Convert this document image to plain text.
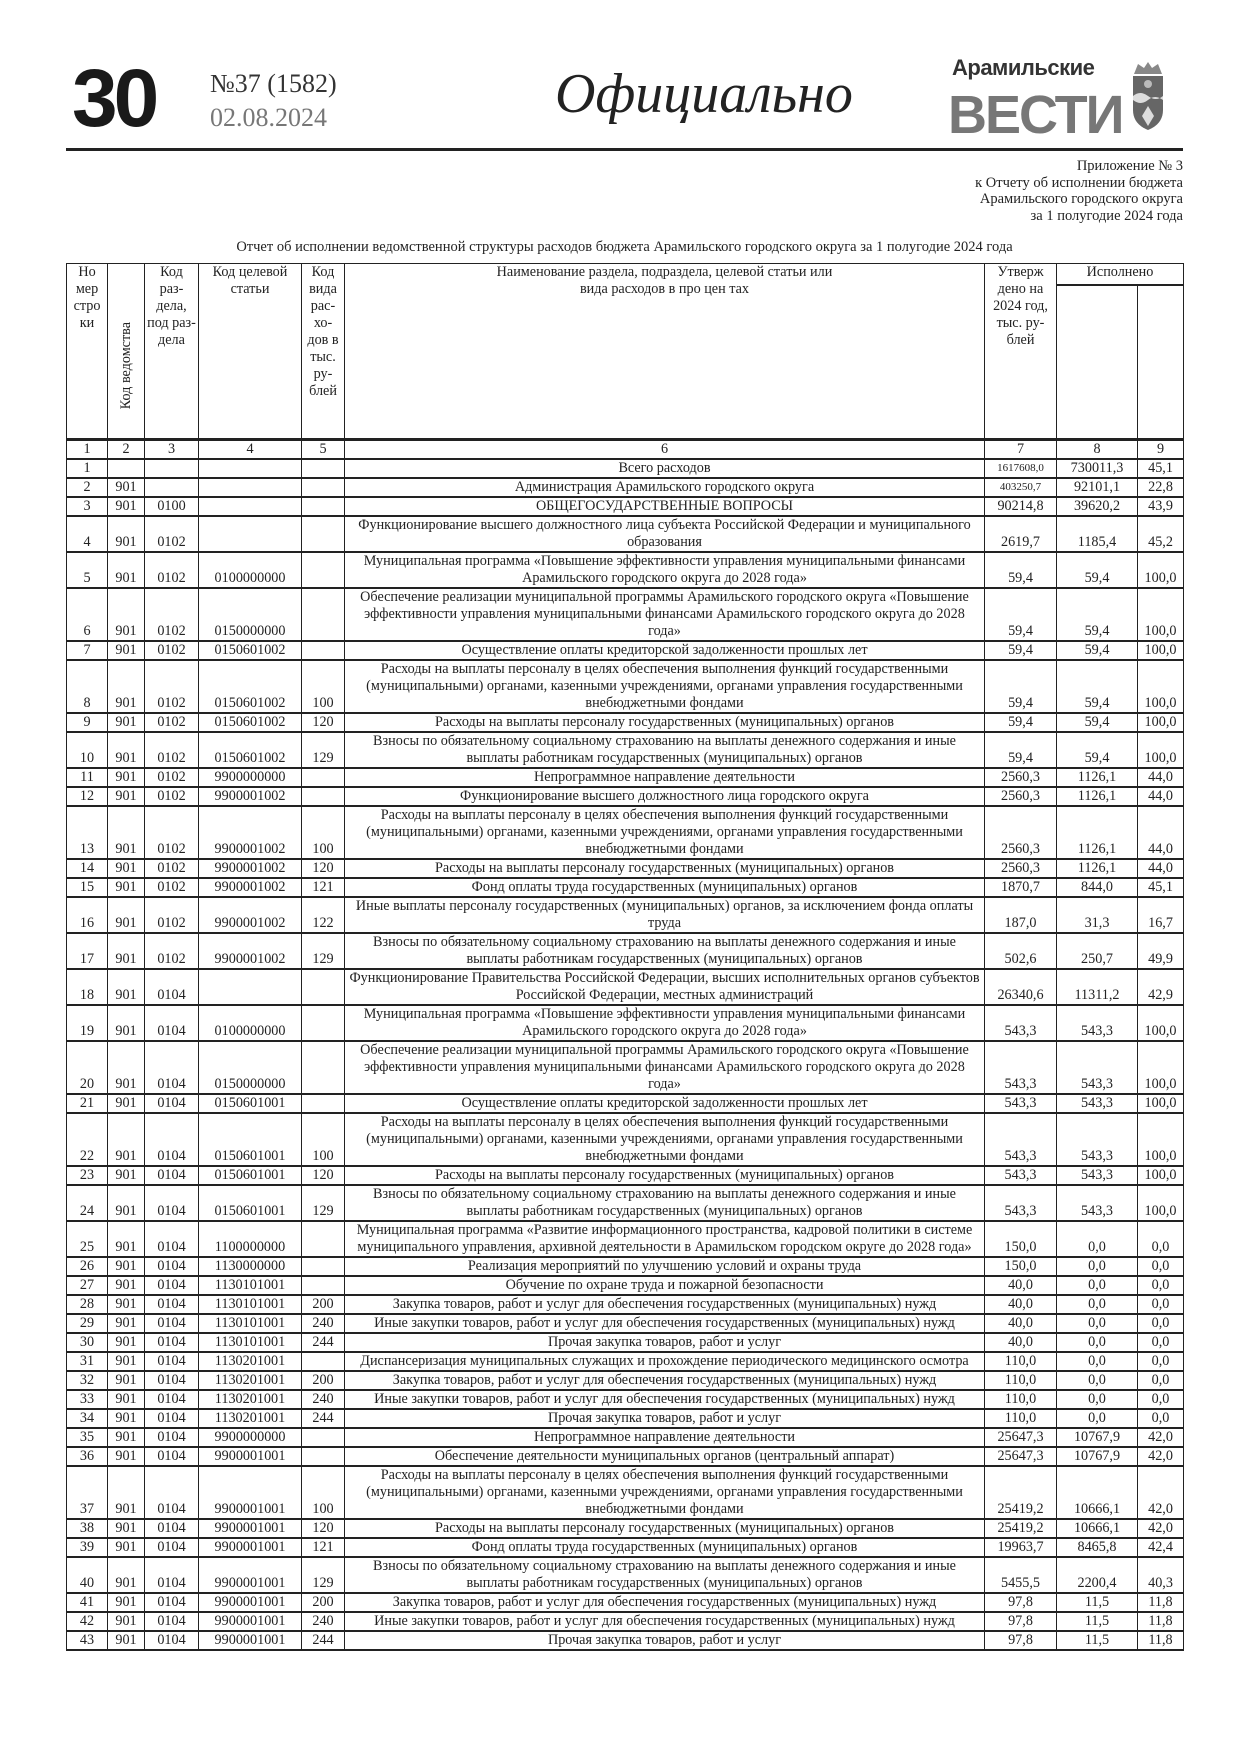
30 №37 (1582)
02.08.2024	Официально	Арамильские
ВЕСТИ
Приложение № 3
к Отчету об исполнении бюджета
Арамильского городского округа
за 1 полугодие 2024 года
Отчет об исполнении ведомственной структуры расходов бюджета Арамильского городского округа за 1 полугодие 2024 года
Но мер стро ки	Код ведомства	Код раз- дела, под раз- дела	Код целевой статьи	Код вида рас- хо- дов в тыс. ру- блей	Наименование раздела, подраздела, целевой статьи или вида расходов в про цен тах	Утверж дено на 2024 год, тыс. ру- блей	Исполнено	

1	2	3	4	5	6	7	8	9
1					Всего расходов	1617608,0	730011,3	45,1
2	901				Администрация Арамильского городского округа	403250,7	92101,1	22,8
3	901	0100			ОБЩЕГОСУДАРСТВЕННЫЕ ВОПРОСЫ	90214,8	39620,2	43,9
4	901	0102			Функционирование высшего должностного лица субъекта Российской Федерации и муниципального образования	2619,7	1185,4	45,2
5	901	0102	0100000000		Муниципальная программа «Повышение эффективности управления муниципальными финансами Арамильского городского округа до 2028 года»	59,4	59,4	100,0
6	901	0102	0150000000		Обеспечение реализации муниципальной программы Арамильского городского округа «Повышение эффективности управления муниципальными финансами Арамильского городского округа до 2028 года»	59,4	59,4	100,0
7	901	0102	0150601002		Осуществление оплаты кредиторской задолженности прошлых лет	59,4	59,4	100,0
8	901	0102	0150601002	100	Расходы на выплаты персоналу в целях обеспечения выполнения функций государственными (муниципальными) органами, казенными учреждениями, органами управления государственными внебюджетными фондами	59,4	59,4	100,0
9	901	0102	0150601002	120	Расходы на выплаты персоналу государственных (муниципальных) органов	59,4	59,4	100,0
10	901	0102	0150601002	129	Взносы по обязательному социальному страхованию на выплаты денежного содержания и иные выплаты работникам государственных (муниципальных) органов	59,4	59,4	100,0
11	901	0102	9900000000		Непрограммное направление деятельности	2560,3	1126,1	44,0
12	901	0102	9900001002		Функционирование высшего должностного лица городского округа	2560,3	1126,1	44,0
13	901	0102	9900001002	100	Расходы на выплаты персоналу в целях обеспечения выполнения функций государственными (муниципальными) органами, казенными учреждениями, органами управления государственными внебюджетными фондами	2560,3	1126,1	44,0
14	901	0102	9900001002	120	Расходы на выплаты персоналу государственных (муниципальных) органов	2560,3	1126,1	44,0
15	901	0102	9900001002	121	Фонд оплаты труда государственных (муниципальных) органов	1870,7	844,0	45,1
16	901	0102	9900001002	122	Иные выплаты персоналу государственных (муниципальных) органов, за исключением фонда оплаты труда	187,0	31,3	16,7
17	901	0102	9900001002	129	Взносы по обязательному социальному страхованию на выплаты денежного содержания и иные выплаты работникам государственных (муниципальных) органов	502,6	250,7	49,9
18	901	0104			Функционирование Правительства Российской Федерации, высших исполнительных органов субъектов Российской Федерации, местных администраций	26340,6	11311,2	42,9
19	901	0104	0100000000		Муниципальная программа «Повышение эффективности управления муниципальными финансами Арамильского городского округа до 2028 года»	543,3	543,3	100,0
20	901	0104	0150000000		Обеспечение реализации муниципальной программы Арамильского городского округа «Повышение эффективности управления муниципальными финансами Арамильского городского округа до 2028 года»	543,3	543,3	100,0
21	901	0104	0150601001		Осуществление оплаты кредиторской задолженности прошлых лет	543,3	543,3	100,0
22	901	0104	0150601001	100	Расходы на выплаты персоналу в целях обеспечения выполнения функций государственными (муниципальными) органами, казенными учреждениями, органами управления государственными внебюджетными фондами	543,3	543,3	100,0
23	901	0104	0150601001	120	Расходы на выплаты персоналу государственных (муниципальных) органов	543,3	543,3	100,0
24	901	0104	0150601001	129	Взносы по обязательному социальному страхованию на выплаты денежного содержания и иные выплаты работникам государственных (муниципальных) органов	543,3	543,3	100,0
25	901	0104	1100000000		Муниципальная программа «Развитие информационного пространства, кадровой политики в системе муниципального управления, архивной деятельности в Арамильском городском округе до 2028 года»	150,0	0,0	0,0
26	901	0104	1130000000		Реализация мероприятий по улучшению условий и охраны труда	150,0	0,0	0,0
27	901	0104	1130101001		Обучение по охране труда и пожарной безопасности	40,0	0,0	0,0
28	901	0104	1130101001	200	Закупка товаров, работ и услуг для обеспечения государственных (муниципальных) нужд	40,0	0,0	0,0
29	901	0104	1130101001	240	Иные закупки товаров, работ и услуг для обеспечения государственных (муниципальных) нужд	40,0	0,0	0,0
30	901	0104	1130101001	244	Прочая закупка товаров, работ и услуг	40,0	0,0	0,0
31	901	0104	1130201001		Диспансеризация муниципальных служащих и прохождение периодического медицинского осмотра	110,0	0,0	0,0
32	901	0104	1130201001	200	Закупка товаров, работ и услуг для обеспечения государственных (муниципальных) нужд	110,0	0,0	0,0
33	901	0104	1130201001	240	Иные закупки товаров, работ и услуг для обеспечения государственных (муниципальных) нужд	110,0	0,0	0,0
34	901	0104	1130201001	244	Прочая закупка товаров, работ и услуг	110,0	0,0	0,0
35	901	0104	9900000000		Непрограммное направление деятельности	25647,3	10767,9	42,0
36	901	0104	9900001001		Обеспечение деятельности муниципальных органов (центральный аппарат)	25647,3	10767,9	42,0
37	901	0104	9900001001	100	Расходы на выплаты персоналу в целях обеспечения выполнения функций государственными (муниципальными) органами, казенными учреждениями, органами управления государственными внебюджетными фондами	25419,2	10666,1	42,0
38	901	0104	9900001001	120	Расходы на выплаты персоналу государственных (муниципальных) органов	25419,2	10666,1	42,0
39	901	0104	9900001001	121	Фонд оплаты труда государственных (муниципальных) органов	19963,7	8465,8	42,4
40	901	0104	9900001001	129	Взносы по обязательному социальному страхованию на выплаты денежного содержания и иные выплаты работникам государственных (муниципальных) органов	5455,5	2200,4	40,3
41	901	0104	9900001001	200	Закупка товаров, работ и услуг для обеспечения государственных (муниципальных) нужд	97,8	11,5	11,8
42	901	0104	9900001001	240	Иные закупки товаров, работ и услуг для обеспечения государственных (муниципальных) нужд	97,8	11,5	11,8
43	901	0104	9900001001	244	Прочая закупка товаров, работ и услуг	97,8	11,5	11,8
